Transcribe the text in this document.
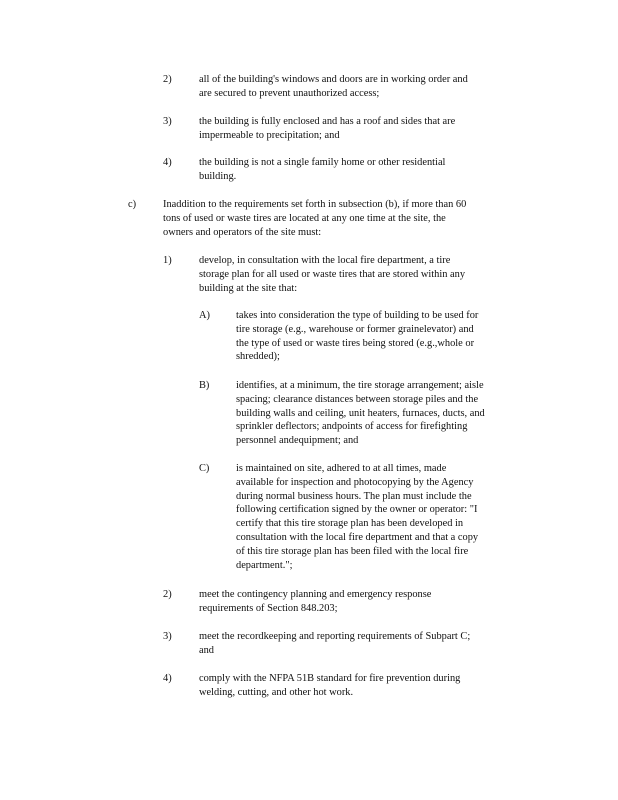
2)	all of the building's windows and doors are in working order and
are secured to prevent unauthorized access;
3)	the building is fully enclosed and has a roof and sides that are
impermeable to precipitation; and
4)	the building is not a single family home or other residential
building.
c)	Inaddition to the requirements set forth in subsection (b), if more than 60
tons of used or waste tires are located at any one time at the site, the
owners and operators of the site must:
1)	develop, in consultation with the local fire department, a tire
storage plan for all used or waste tires that are stored within any
building at the site that:
A)	takes into consideration the type of building to be used for
tire storage (e.g., warehouse or former grainelevator) and
the type of used or waste tires being stored (e.g.,whole or
shredded);
B)	identifies, at a minimum, the tire storage arrangement; aisle
spacing; clearance distances between storage piles and the
building walls and ceiling, unit heaters, furnaces, ducts, and
sprinkler deflectors; andpoints of access for firefighting
personnel andequipment; and
C)	is maintained on site, adhered to at all times, made
available for inspection and photocopying by the Agency
during normal business hours. The plan must include the
following certification signed by the owner or operator: "I
certify that this tire storage plan has been developed in
consultation with the local fire department and that a copy
of this tire storage plan has been filed with the local fire
department.";
2)	meet the contingency planning and emergency response
requirements of Section 848.203;
3)	meet the recordkeeping and reporting requirements of Subpart C;
and
4)	comply with the NFPA 51B standard for fire prevention during
welding, cutting, and other hot work.
